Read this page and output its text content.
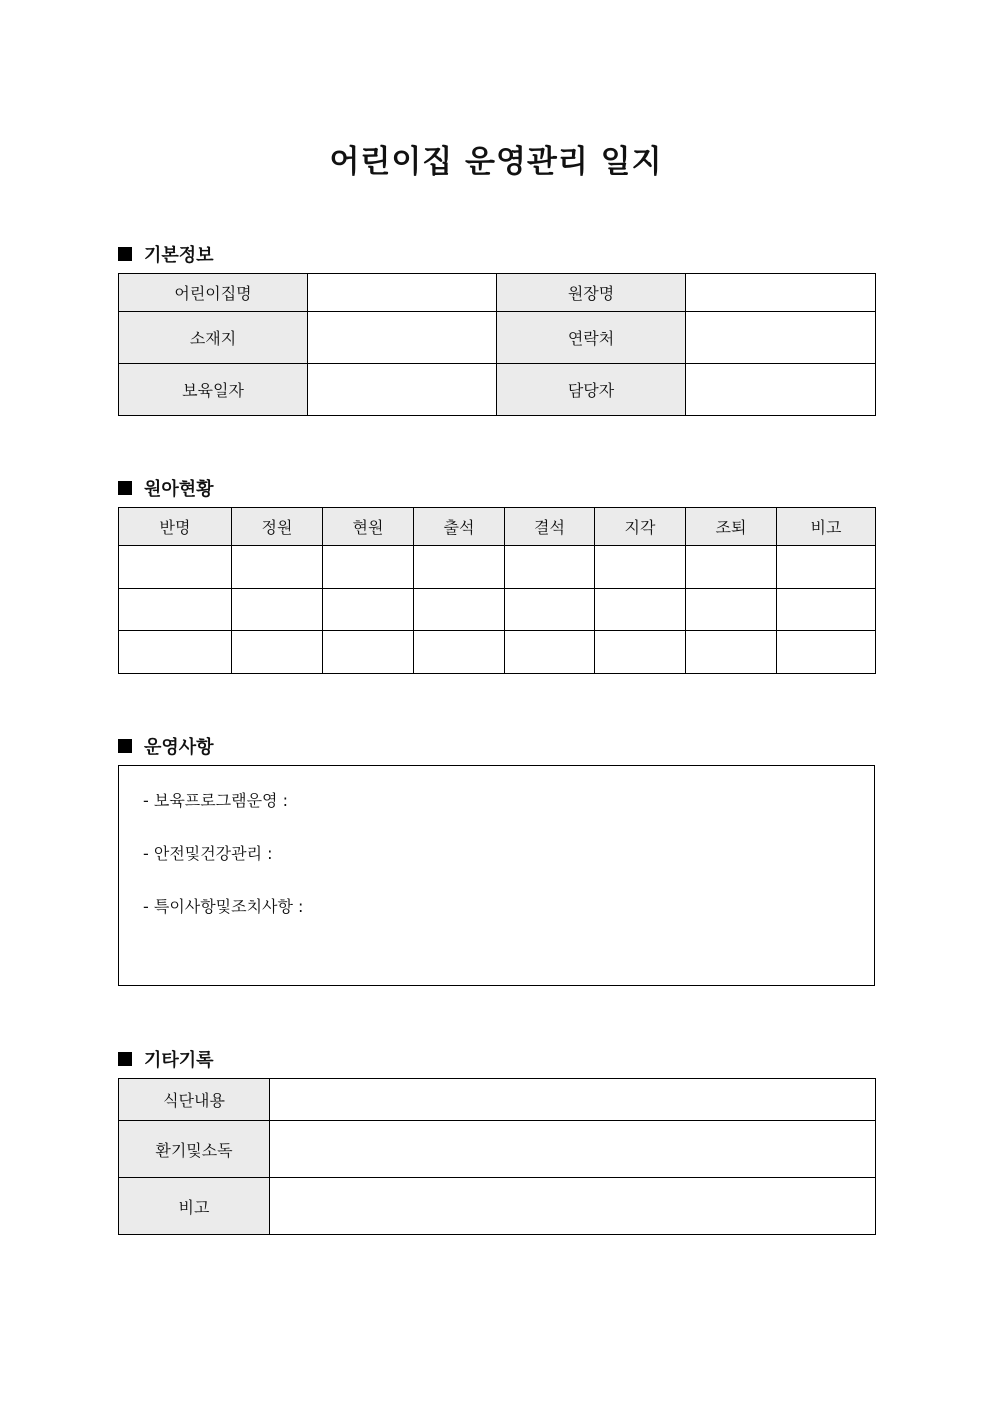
어린이집 운영관리 일지
기본정보
어린이집명		원장명	
소재지		연락처	
보육일자		담당자	
원아현황
반명	정원	현원	출석	결석	지각	조퇴	비고

운영사항
- 보육프로그램운영 :
- 안전및건강관리 :
- 특이사항및조치사항 :
기타기록
식단내용	
환기및소독	
비고	
